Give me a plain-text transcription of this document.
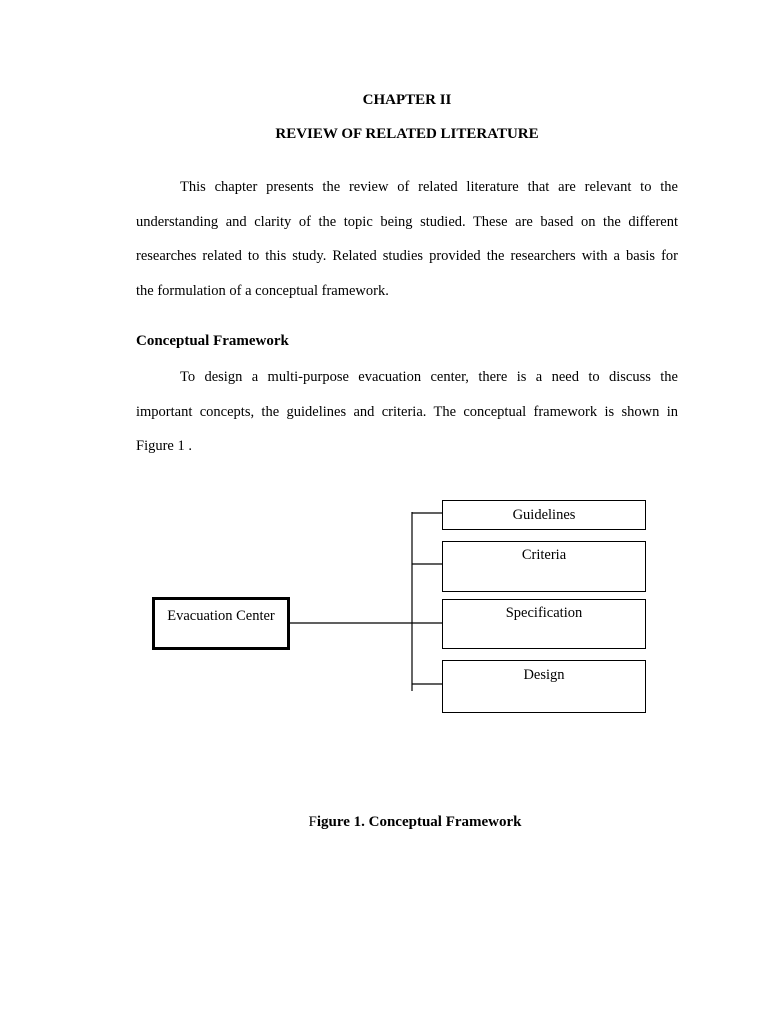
CHAPTER II
REVIEW OF RELATED LITERATURE

This chapter presents the review of related literature that are relevant to the
understanding and clarity of the topic being studied. These are based on the different
researches related to this study. Related studies provided the researchers with a basis for
the formulation of a conceptual framework.

Conceptual Framework

To design a multi-purpose evacuation center, there is a need to discuss the
important concepts, the guidelines and criteria. The conceptual framework is shown in
Figure 1 .

Evacuation Center
Guidelines
Criteria
Specification
Design
Figure 1. Conceptual Framework
